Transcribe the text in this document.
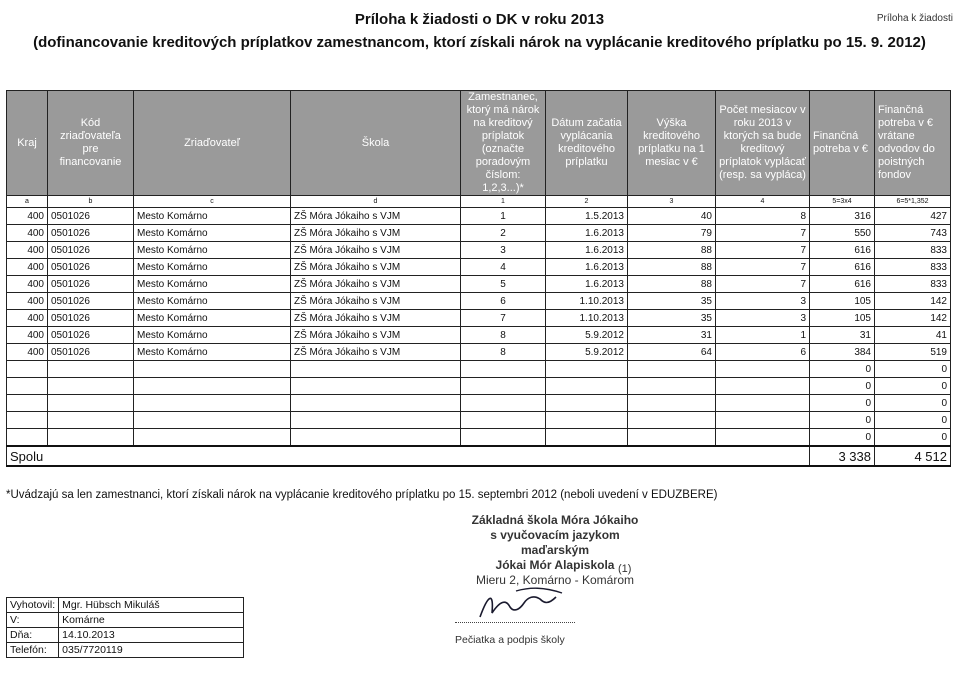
Príloha k žiadosti o DK v roku 2013
(dofinancovanie kreditových príplatkov zamestnancom, ktorí získali nárok na vyplácanie kreditového príplatku po 15. 9. 2012)
Príloha k žiadosti
Kraj	Kód zriaďovateľa pre financovanie	Zriaďovateľ	Škola	Zamestnanec, ktorý má nárok na kreditový príplatok (označte poradovým číslom: 1,2,3...)*	Dátum začatia vyplácania kreditového príplatku	Výška kreditového príplatku na 1 mesiac v €	Počet mesiacov v roku 2013 v ktorých sa bude kreditový príplatok vyplácať (resp. sa vypláca)	Finančná potreba v €	Finančná potreba v € vrátane odvodov do poistných fondov
a	b	c	d	1	2	3	4	5=3x4	6=5*1,352
400	0501026	Mesto Komárno	ZŠ Móra Jókaiho s VJM	1	1.5.2013	40	8	316	427
400	0501026	Mesto Komárno	ZŠ Móra Jókaiho s VJM	2	1.6.2013	79	7	550	743
400	0501026	Mesto Komárno	ZŠ Móra Jókaiho s VJM	3	1.6.2013	88	7	616	833
400	0501026	Mesto Komárno	ZŠ Móra Jókaiho s VJM	4	1.6.2013	88	7	616	833
400	0501026	Mesto Komárno	ZŠ Móra Jókaiho s VJM	5	1.6.2013	88	7	616	833
400	0501026	Mesto Komárno	ZŠ Móra Jókaiho s VJM	6	1.10.2013	35	3	105	142
400	0501026	Mesto Komárno	ZŠ Móra Jókaiho s VJM	7	1.10.2013	35	3	105	142
400	0501026	Mesto Komárno	ZŠ Móra Jókaiho s VJM	8	5.9.2012	31	1	31	41
400	0501026	Mesto Komárno	ZŠ Móra Jókaiho s VJM	8	5.9.2012	64	6	384	519
								0	0
								0	0
								0	0
								0	0
								0	0
Spolu								3 338	4 512
*Uvádzajú sa len zamestnanci, ktorí získali nárok na vyplácanie kreditového príplatku po 15. septembri 2012 (neboli uvedení v EDUZBERE)
Základná škola Móra Jókaiho
s vyučovacím jazykom maďarským
Jókai Mór Alapiskola
Mieru 2, Komárno - Komárom
(1)
Pečiatka a podpis školy
Vyhotovil:	Mgr. Hübsch Mikuláš
V:	Komárne
Dňa:	14.10.2013
Telefón:	035/7720119
